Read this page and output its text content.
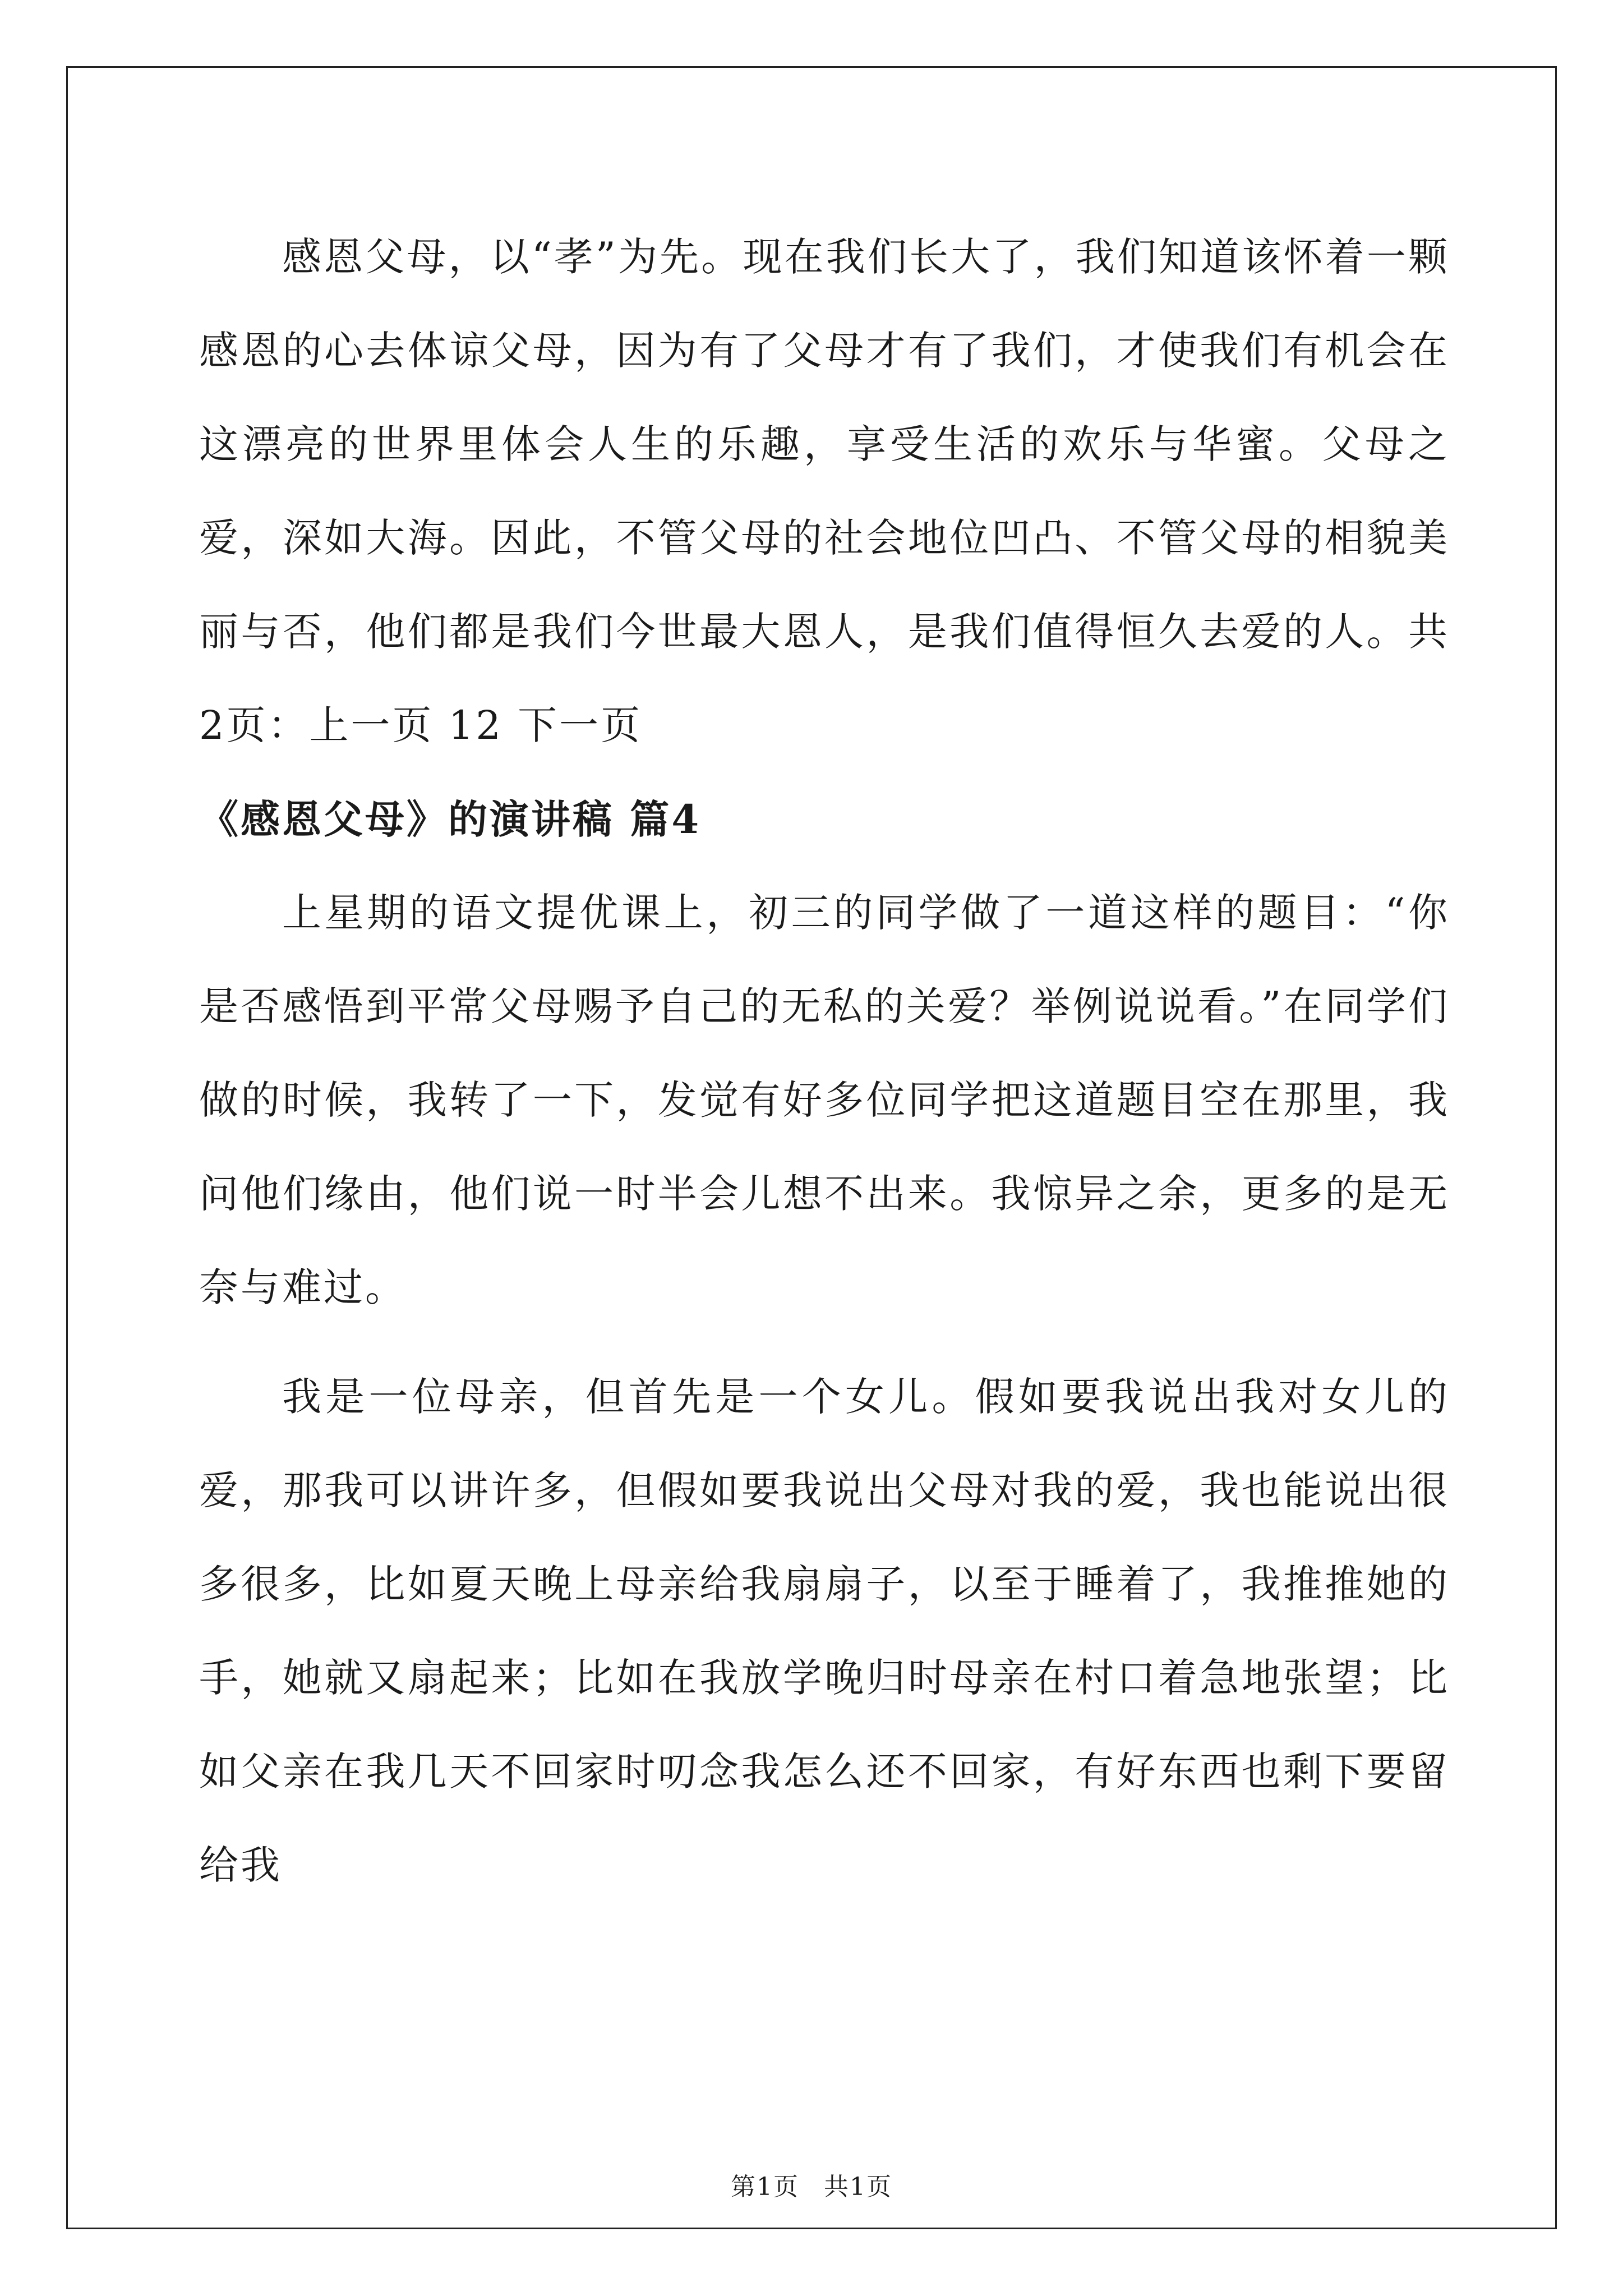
感恩父母，以“孝”为先。现在我们长大了，我们知道该怀着一颗感恩的心去体谅父母，因为有了父母才有了我们，才使我们有机会在这漂亮的世界里体会人生的乐趣，享受生活的欢乐与华蜜。父母之爱，深如大海。因此，不管父母的社会地位凹凸、不管父母的相貌美丽与否，他们都是我们今世最大恩人，是我们值得恒久去爱的人。共2页：上一页 12 下一页

《感恩父母》的演讲稿 篇4

上星期的语文提优课上，初三的同学做了一道这样的题目：“你是否感悟到平常父母赐予自己的无私的关爱？举例说说看。”在同学们做的时候，我转了一下，发觉有好多位同学把这道题目空在那里，我问他们缘由，他们说一时半会儿想不出来。我惊异之余，更多的是无奈与难过。

我是一位母亲，但首先是一个女儿。假如要我说出我对女儿的爱，那我可以讲许多，但假如要我说出父母对我的爱，我也能说出很多很多，比如夏天晚上母亲给我扇扇子，以至于睡着了，我推推她的手，她就又扇起来；比如在我放学晚归时母亲在村口着急地张望；比如父亲在我几天不回家时叨念我怎么还不回家，有好东西也剩下要留给我

第1页 共1页
